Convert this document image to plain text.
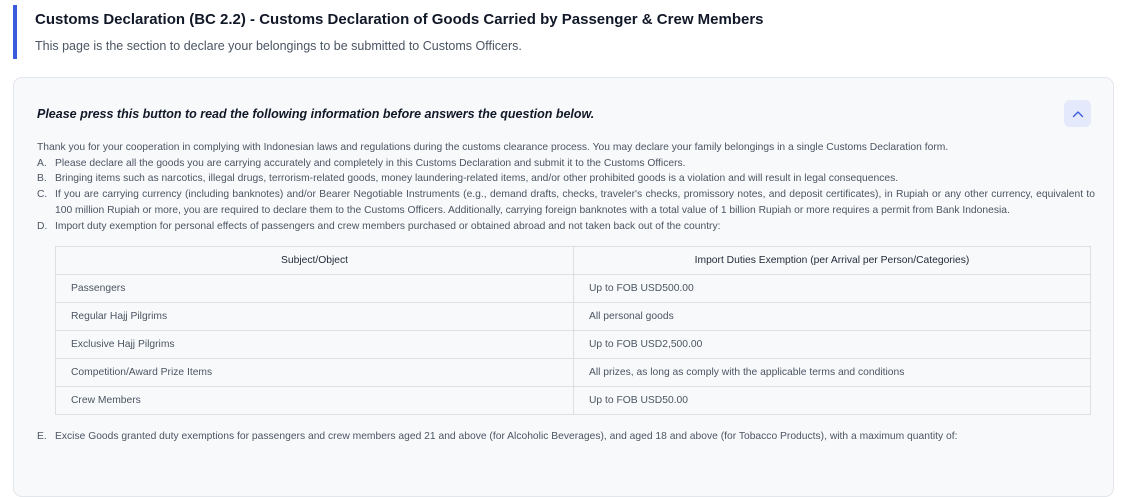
Customs Declaration (BC 2.2) - Customs Declaration of Goods Carried by Passenger & Crew Members

This page is the section to declare your belongings to be submitted to Customs Officers.

Please press this button to read the following information before answers the question below.

Thank you for your cooperation in complying with Indonesian laws and regulations during the customs clearance process. You may declare your family belongings in a single Customs Declaration form.

A. Please declare all the goods you are carrying accurately and completely in this Customs Declaration and submit it to the Customs Officers.
B. Bringing items such as narcotics, illegal drugs, terrorism-related goods, money laundering-related items, and/or other prohibited goods is a violation and will result in legal consequences.
C. If you are carrying currency (including banknotes) and/or Bearer Negotiable Instruments (e.g., demand drafts, checks, traveler's checks, promissory notes, and deposit certificates), in Rupiah or any other currency, equivalent to 100 million Rupiah or more, you are required to declare them to the Customs Officers. Additionally, carrying foreign banknotes with a total value of 1 billion Rupiah or more requires a permit from Bank Indonesia.
D. Import duty exemption for personal effects of passengers and crew members purchased or obtained abroad and not taken back out of the country:
Subject/Object	Import Duties Exemption (per Arrival per Person/Categories)
Passengers	Up to FOB USD500.00
Regular Hajj Pilgrims	All personal goods
Exclusive Hajj Pilgrims	Up to FOB USD2,500.00
Competition/Award Prize Items	All prizes, as long as comply with the applicable terms and conditions
Crew Members	Up to FOB USD50.00
E. Excise Goods granted duty exemptions for passengers and crew members aged 21 and above (for Alcoholic Beverages), and aged 18 and above (for Tobacco Products), with a maximum quantity of:
